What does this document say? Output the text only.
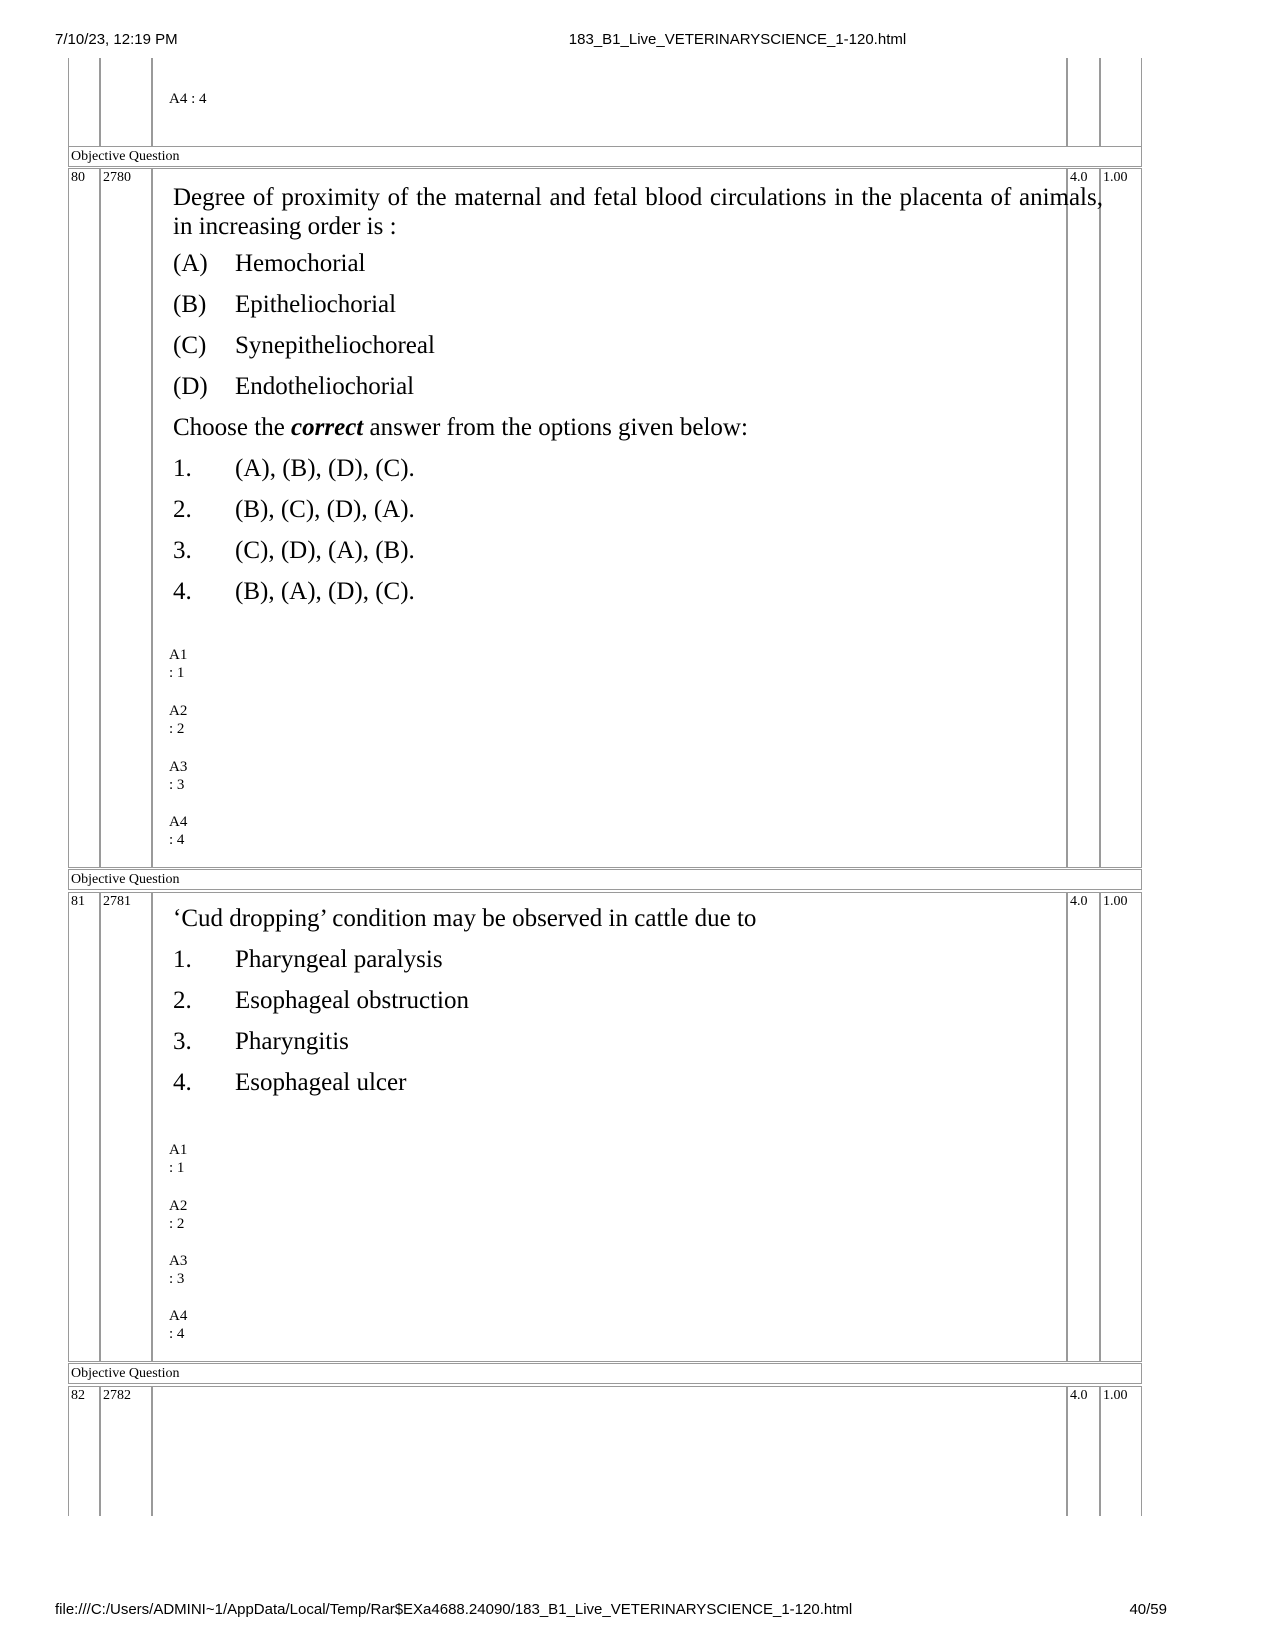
7/10/23, 12:19 PM	183_B1_Live_VETERINARYSCIENCE_1-120.html
A4 : 4
Objective Question
80 2780	4.0 1.00
Degree of proximity of the maternal and fetal blood circulations in the placenta of animals, in increasing order is :
(A) Hemochorial
(B) Epitheliochorial
(C) Synepitheliochoreal
(D) Endotheliochorial
Choose the correct answer from the options given below:
1. (A), (B), (D), (C).
2. (B), (C), (D), (A).
3. (C), (D), (A), (B).
4. (B), (A), (D), (C).
A1 : 1
A2 : 2
A3 : 3
A4 : 4
Objective Question
81 2781	4.0 1.00
‘Cud dropping’ condition may be observed in cattle due to
1. Pharyngeal paralysis
2. Esophageal obstruction
3. Pharyngitis
4. Esophageal ulcer
A1 : 1
A2 : 2
A3 : 3
A4 : 4
Objective Question
82 2782	4.0 1.00
file:///C:/Users/ADMINI~1/AppData/Local/Temp/Rar$EXa4688.24090/183_B1_Live_VETERINARYSCIENCE_1-120.html	40/59
